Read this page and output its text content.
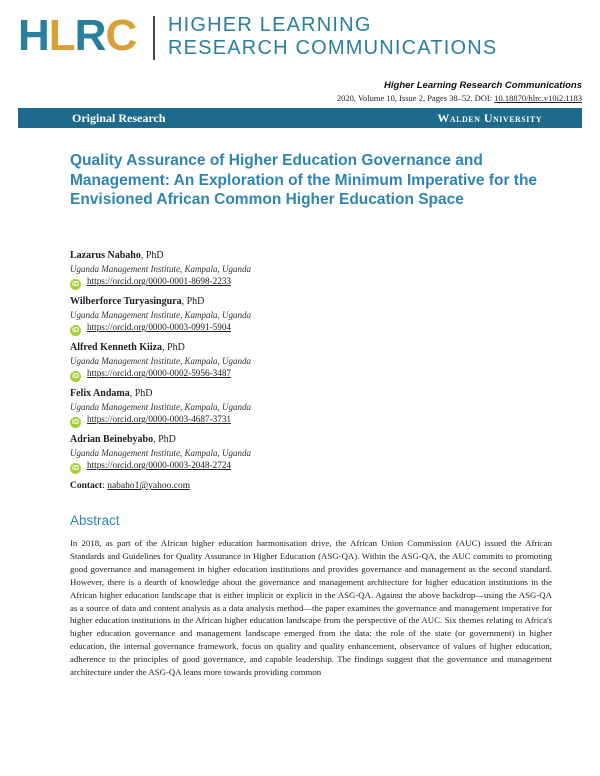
HLRC HIGHER LEARNING
RESEARCH COMMUNICATIONS
Higher Learning Research Communications
2020, Volume 10, Issue 2, Pages 38–52. DOI: 10.18870/hlrc.v10i2.1183
Original Research	Walden University
Quality Assurance of Higher Education Governance and Management: An Exploration of the Minimum Imperative for the Envisioned African Common Higher Education Space
Lazarus Nabaho, PhD
Uganda Management Institute, Kampala, Uganda
iD https://orcid.org/0000-0001-8698-2233
Wilberforce Turyasingura, PhD
Uganda Management Institute, Kampala, Uganda
iD https://orcid.org/0000-0003-0991-5904
Alfred Kenneth Kiiza, PhD
Uganda Management Institute, Kampala, Uganda
iD https://orcid.org/0000-0002-5956-3487
Felix Andama, PhD
Uganda Management Institute, Kampala, Uganda
iD https://orcid.org/0000-0003-4687-3731
Adrian Beinebyabo, PhD
Uganda Management Institute, Kampala, Uganda
iD https://orcid.org/0000-0003-2048-2724
Contact: nabaho1@yahoo.com
Abstract
In 2018, as part of the African higher education harmonisation drive, the African Union Commission (AUC) issued the African Standards and Guidelines for Quality Assurance in Higher Education (ASG-QA). Within the ASG-QA, the AUC commits to promoting good governance and management in higher education institutions and provides governance and management as the second standard. However, there is a dearth of knowledge about the governance and management architecture for higher education institutions in the African higher education landscape that is either implicit or explicit in the ASG-QA. Against the above backdrop—using the ASG-QA as a source of data and content analysis as a data analysis method—the paper examines the governance and management imperative for higher education institutions in the African higher education landscape from the perspective of the AUC. Six themes relating to Africa's higher education governance and management landscape emerged from the data: the role of the state (or government) in higher education, the internal governance framework, focus on quality and quality enhancement, observance of values of higher education, adherence to the principles of good governance, and capable leadership. The findings suggest that the governance and management architecture under the ASG-QA leans more towards providing common
